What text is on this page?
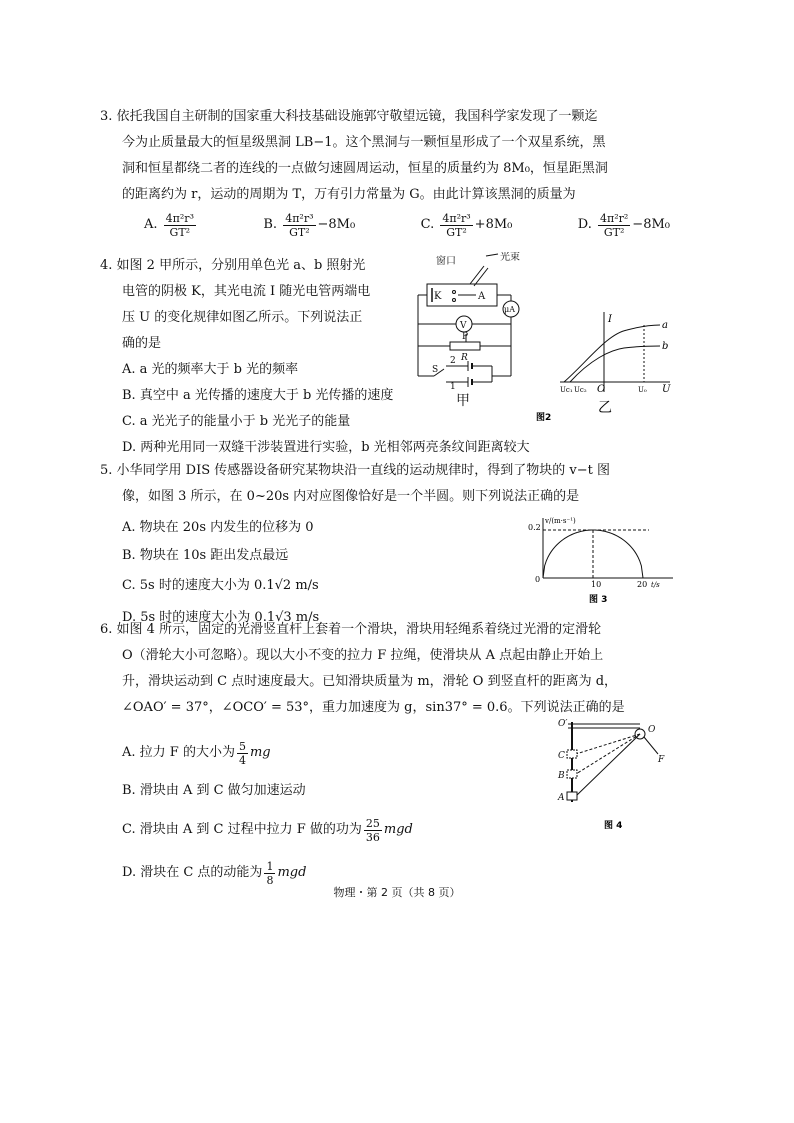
3. 依托我国自主研制的国家重大科技基础设施郭守敬望远镜，我国科学家发现了一颗迄
今为止质量最大的恒星级黑洞 LB−1。这个黑洞与一颗恒星形成了一个双星系统，黑
洞和恒星都绕二者的连线的一点做匀速圆周运动，恒星的质量约为 8M₀，恒星距黑洞
的距离约为 r，运动的周期为 T，万有引力常量为 G。由此计算该黑洞的质量为
A.
$\frac{\text{4π²r³}}{\text{GT²}}$	B.
$\frac{\text{4π²r³}}{\text{GT²}} -8M_0$	C.
$\frac{\text{4π²r³}}{\text{GT²}} +8M_0$	D.
$\frac{\text{4π²r²}}{\text{GT²}} -8M_0$
4. 如图 2 甲所示，分别用单色光 a、b 照射光
电管的阴极 K，其光电流 I 随光电管两端电
压 U 的变化规律如图乙所示。下列说法正
确的是
A. a 光的频率大于 b 光的频率
B. 真空中 a 光传播的速度大于 b 光传播的速度
C. a 光光子的能量小于 b 光光子的能量
D. 两种光用同一双缝干涉装置进行实验，b 光相邻两亮条纹间距离较大
窗口	光束
K	A
μA
V
P
R
S
2
1
甲
I
U
O
a
b
Uc₁ Uc₂	U₀
乙
图2
5. 小华同学用 DIS 传感器设备研究某物块沿一直线的运动规律时，得到了物块的 v−t 图
像，如图 3 所示，在 0~20s 内对应图像恰好是一个半圆。则下列说法正确的是
A. 物块在 20s 内发生的位移为 0
B. 物块在 10s 距出发点最远
C. 5s 时的速度大小为 0.1√2 m/s
D. 5s 时的速度大小为 0.1√3 m/s
v/(m·s⁻¹)
0.2
0
10	20 t/s
图 3
6. 如图 4 所示，固定的光滑竖直杆上套着一个滑块，滑块用轻绳系着绕过光滑的定滑轮
O（滑轮大小可忽略）。现以大小不变的拉力 F 拉绳，使滑块从 A 点起由静止开始上
升，滑块运动到 C 点时速度最大。已知滑块质量为 m，滑轮 O 到竖直杆的距离为 d，
∠OAO′ = 37°，∠OCO′ = 53°，重力加速度为 g，sin37° = 0.6。下列说法正确的是
A. 拉力 F 的大小为 $\frac{5}{4}$ mg
B. 滑块由 A 到 C 做匀加速运动
C. 滑块由 A 到 C 过程中拉力 F 做的功为 $\frac{25}{36}$ mgd
D. 滑块在 C 点的动能为 $\frac{1}{8}$ mgd
O′
O
C
B
A
F
图 4
物理・第 2 页（共 8 页）
